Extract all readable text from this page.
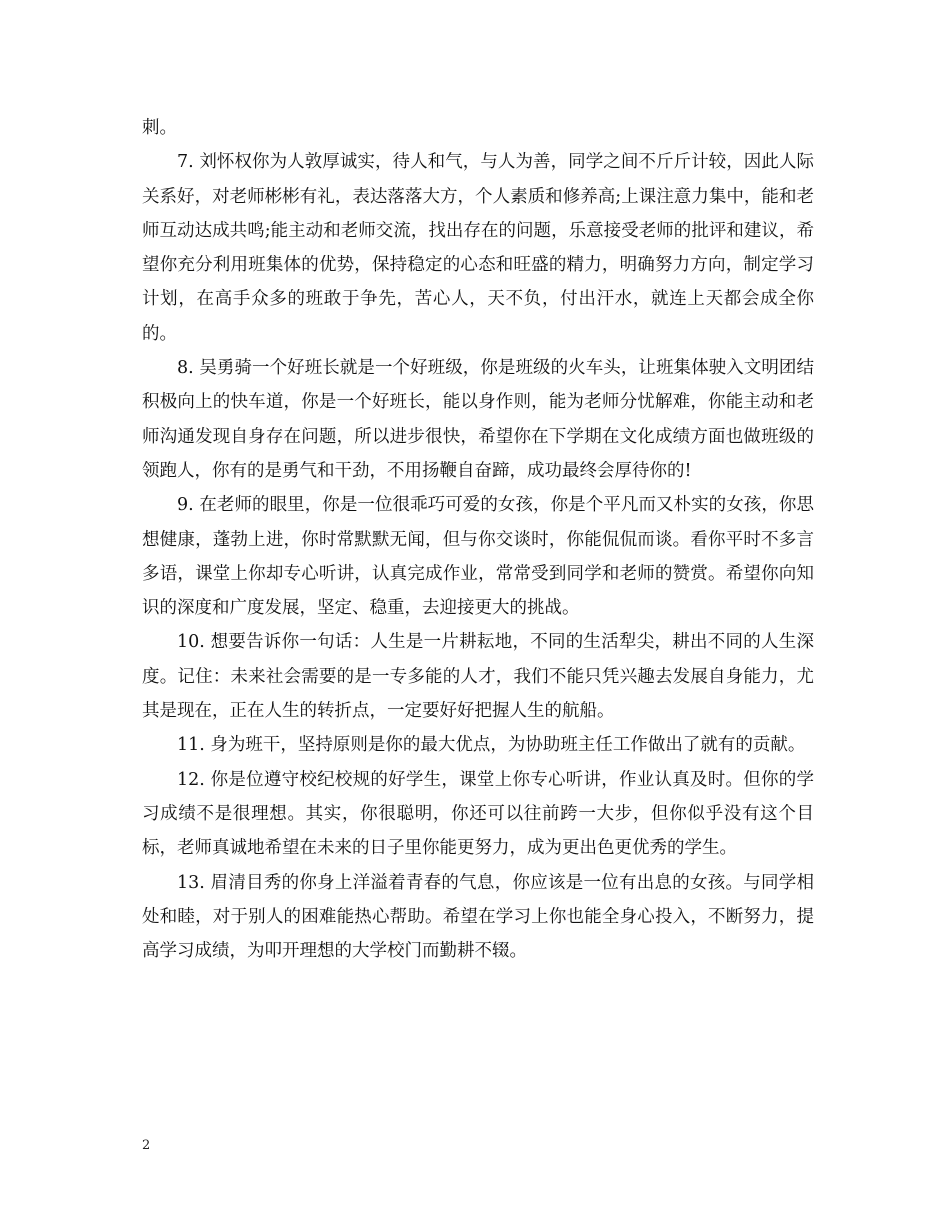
刺。

7. 刘怀权你为人敦厚诚实，待人和气，与人为善，同学之间不斤斤计较，因此人际关系好，对老师彬彬有礼，表达落落大方，个人素质和修养高;上课注意力集中，能和老师互动达成共鸣;能主动和老师交流，找出存在的问题，乐意接受老师的批评和建议，希望你充分利用班集体的优势，保持稳定的心态和旺盛的精力，明确努力方向，制定学习计划，在高手众多的班敢于争先，苦心人，天不负，付出汗水，就连上天都会成全你的。

8. 吴勇骑一个好班长就是一个好班级，你是班级的火车头，让班集体驶入文明团结积极向上的快车道，你是一个好班长，能以身作则，能为老师分忧解难，你能主动和老师沟通发现自身存在问题，所以进步很快，希望你在下学期在文化成绩方面也做班级的领跑人，你有的是勇气和干劲，不用扬鞭自奋蹄，成功最终会厚待你的!

9. 在老师的眼里，你是一位很乖巧可爱的女孩，你是个平凡而又朴实的女孩，你思想健康，蓬勃上进，你时常默默无闻，但与你交谈时，你能侃侃而谈。看你平时不多言多语，课堂上你却专心听讲，认真完成作业，常常受到同学和老师的赞赏。希望你向知识的深度和广度发展，坚定、稳重，去迎接更大的挑战。

10. 想要告诉你一句话：人生是一片耕耘地，不同的生活犁尖，耕出不同的人生深度。记住：未来社会需要的是一专多能的人才，我们不能只凭兴趣去发展自身能力，尤其是现在，正在人生的转折点，一定要好好把握人生的航船。

11. 身为班干，坚持原则是你的最大优点，为协助班主任工作做出了就有的贡献。

12. 你是位遵守校纪校规的好学生，课堂上你专心听讲，作业认真及时。但你的学习成绩不是很理想。其实，你很聪明，你还可以往前跨一大步，但你似乎没有这个目标，老师真诚地希望在未来的日子里你能更努力，成为更出色更优秀的学生。

13. 眉清目秀的你身上洋溢着青春的气息，你应该是一位有出息的女孩。与同学相处和睦，对于别人的困难能热心帮助。希望在学习上你也能全身心投入，不断努力，提高学习成绩，为叩开理想的大学校门而勤耕不辍。

2
